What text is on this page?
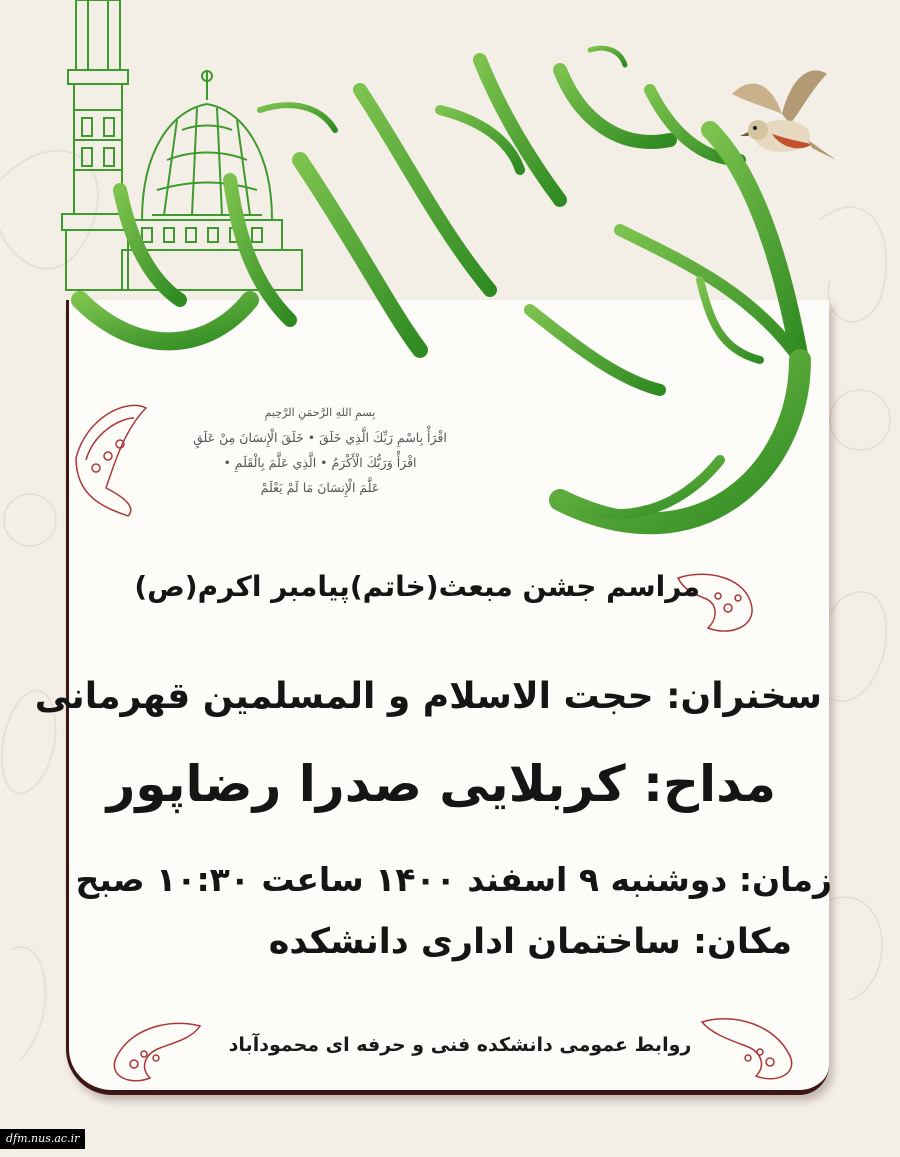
بِسمِ اللهِ الرَّحمَنِ الرَّحِیمِ
اقْرَأْ بِاسْمِ رَبِّكَ الَّذِي خَلَقَ • خَلَقَ الْإِنسَانَ مِنْ عَلَقٍ
اقْرَأْ وَرَبُّكَ الْأَكْرَمُ • الَّذِي عَلَّمَ بِالْقَلَمِ •
عَلَّمَ الْإِنسَانَ مَا لَمْ يَعْلَمْ
مراسم جشن مبعث(خاتم)پیامبر اکرم(ص)
سخنران: حجت الاسلام و المسلمین قهرمانی
مداح: کربلایی صدرا رضاپور
زمان: دوشنبه ۹ اسفند ۱۴۰۰ ساعت ۱۰:۳۰ صبح
مکان: ساختمان اداری دانشکده
روابط عمومی دانشکده فنی و حرفه ای محمودآباد
dfm.nus.ac.ir
